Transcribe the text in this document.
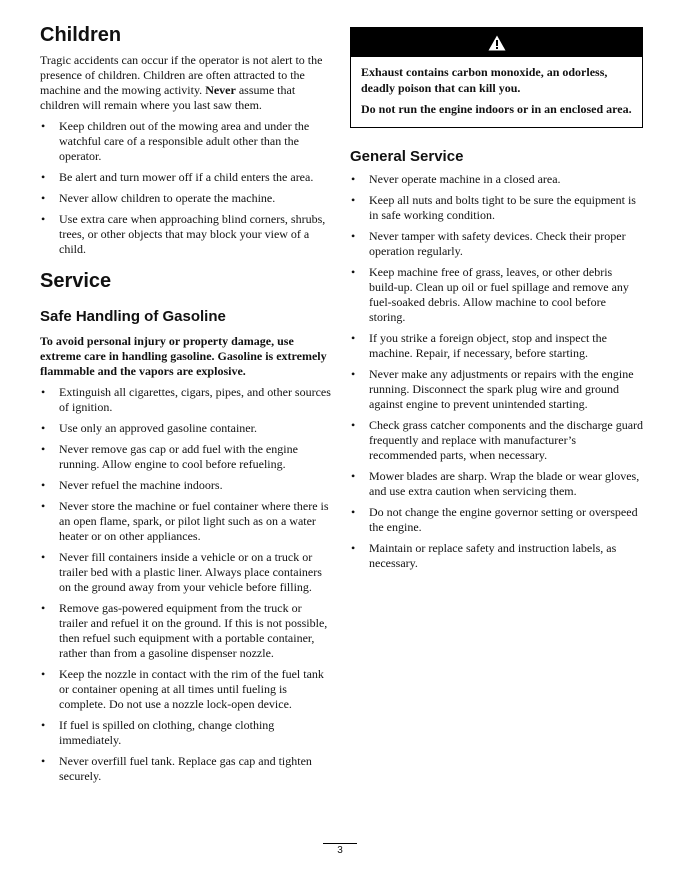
Children

Tragic accidents can occur if the operator is not alert to the presence of children. Children are often attracted to the machine and the mowing activity. Never assume that children will remain where you last saw them.

• Keep children out of the mowing area and under the watchful care of a responsible adult other than the operator.
• Be alert and turn mower off if a child enters the area.
• Never allow children to operate the machine.
• Use extra care when approaching blind corners, shrubs, trees, or other objects that may block your view of a child.
Service
Safe Handling of Gasoline

To avoid personal injury or property damage, use extreme care in handling gasoline. Gasoline is extremely flammable and the vapors are explosive.

• Extinguish all cigarettes, cigars, pipes, and other sources of ignition.
• Use only an approved gasoline container.
• Never remove gas cap or add fuel with the engine running. Allow engine to cool before refueling.
• Never refuel the machine indoors.
• Never store the machine or fuel container where there is an open flame, spark, or pilot light such as on a water heater or on other appliances.
• Never fill containers inside a vehicle or on a truck or trailer bed with a plastic liner. Always place containers on the ground away from your vehicle before filling.
• Remove gas-powered equipment from the truck or trailer and refuel it on the ground. If this is not possible, then refuel such equipment with a portable container, rather than from a gasoline dispenser nozzle.
• Keep the nozzle in contact with the rim of the fuel tank or container opening at all times until fueling is complete. Do not use a nozzle lock-open device.
• If fuel is spilled on clothing, change clothing immediately.
• Never overfill fuel tank. Replace gas cap and tighten securely.

Exhaust contains carbon monoxide, an odorless, deadly poison that can kill you.

Do not run the engine indoors or in an enclosed area.

General Service
• Never operate machine in a closed area.
• Keep all nuts and bolts tight to be sure the equipment is in safe working condition.
• Never tamper with safety devices. Check their proper operation regularly.
• Keep machine free of grass, leaves, or other debris build-up. Clean up oil or fuel spillage and remove any fuel-soaked debris. Allow machine to cool before storing.
• If you strike a foreign object, stop and inspect the machine. Repair, if necessary, before starting.
• Never make any adjustments or repairs with the engine running. Disconnect the spark plug wire and ground against engine to prevent unintended starting.
• Check grass catcher components and the discharge guard frequently and replace with manufacturer’s recommended parts, when necessary.
• Mower blades are sharp. Wrap the blade or wear gloves, and use extra caution when servicing them.
• Do not change the engine governor setting or overspeed the engine.
• Maintain or replace safety and instruction labels, as necessary.
3
